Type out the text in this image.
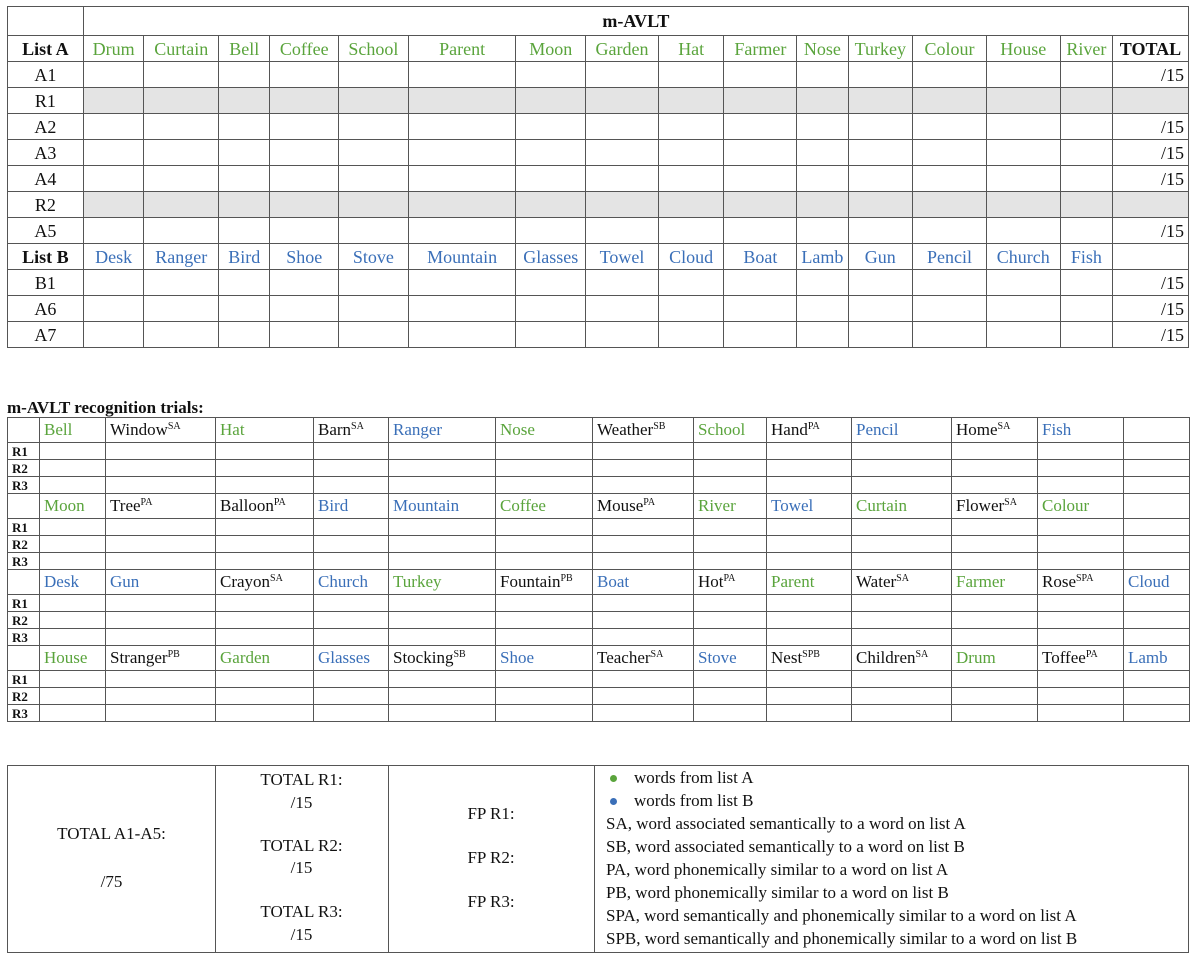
	m-AVLT															
List A	Drum	Curtain	Bell	Coffee	School	Parent	Moon	Garden	Hat	Farmer	Nose	Turkey	Colour	House	River	TOTAL
A1																/15
R1																
A2																/15
A3																/15
A4																/15
R2																
A5																/15
List B	Desk	Ranger	Bird	Shoe	Stove	Mountain	Glasses	Towel	Cloud	Boat	Lamb	Gun	Pencil	Church	Fish	
B1																/15
A6																/15
A7																/15
m-AVLT recognition trials:
	Bell	Window$^{SA}$	Hat	Barn$^{SA}$	Ranger	Nose	Weather$^{SB}$	School	Hand$^{PA}$	Pencil	Home$^{SA}$	Fish	
R1													
R2													
R3													
	Moon	Tree$^{PA}$	Balloon$^{PA}$	Bird	Mountain	Coffee	Mouse$^{PA}$	River	Towel	Curtain	Flower$^{SA}$	Colour	
R1													
R2													
R3													
	Desk	Gun	Crayon$^{SA}$	Church	Turkey	Fountain$^{PB}$	Boat	Hot$^{PA}$	Parent	Water$^{SA}$	Farmer	Rose$^{SPA}$	Cloud
R1													
R2													
R3													
	House	Stranger$^{PB}$	Garden	Glasses	Stocking$^{SB}$	Shoe	Teacher$^{SA}$	Stove	Nest$^{SPB}$	Children$^{SA}$	Drum	Toffee$^{PA}$	Lamb
R1													
R2													
R3													
TOTAL A1-A5:
/75
TOTAL R1:
/15
TOTAL R2:
/15
TOTAL R3:
/15
FP R1:
FP R2:
FP R3:
words from list A
words from list B
SA, word associated semantically to a word on list A
SB, word associated semantically to a word on list B
PA, word phonemically similar to a word on list A
PB, word phonemically similar to a word on list B
SPA, word semantically and phonemically similar to a word on list A
SPB, word semantically and phonemically similar to a word on list B
